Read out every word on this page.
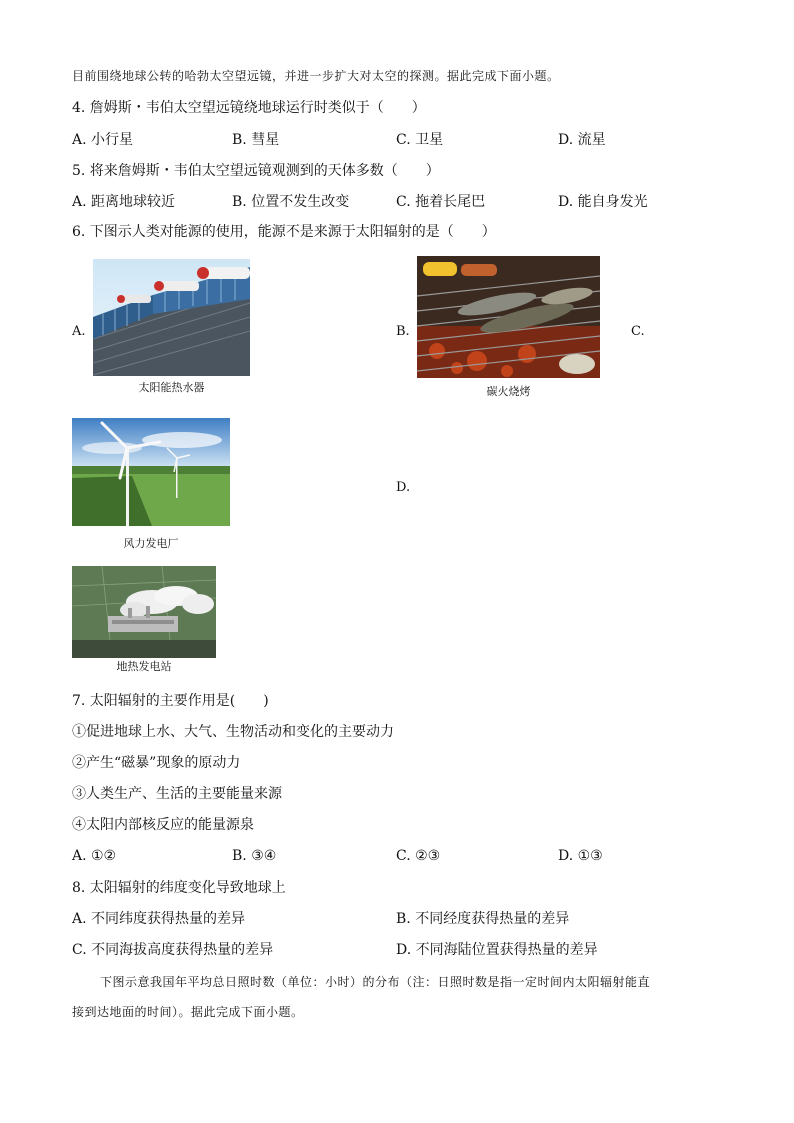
目前围绕地球公转的哈勃太空望远镜，并进一步扩大对太空的探测。据此完成下面小题。
4. 詹姆斯・韦伯太空望远镜绕地球运行时类似于（　　）
A. 小行星	B. 彗星	C. 卫星	D. 流星
5. 将来詹姆斯・韦伯太空望远镜观测到的天体多数（　　）
A. 距离地球较近	B. 位置不发生改变	C. 拖着长尾巴	D. 能自身发光
6. 下图示人类对能源的使用，能源不是来源于太阳辐射的是（　　）
A.
太阳能热水器
B.
碳火烧烤
C.
风力发电厂
D.
地热发电站
7. 太阳辐射的主要作用是(　　)
①促进地球上水、大气、生物活动和变化的主要动力
②产生“磁暴”现象的原动力
③人类生产、生活的主要能量来源
④太阳内部核反应的能量源泉
A. ①②	B. ③④	C. ②③	D. ①③
8. 太阳辐射的纬度变化导致地球上
A. 不同纬度获得热量的差异	B. 不同经度获得热量的差异
C. 不同海拔高度获得热量的差异	D. 不同海陆位置获得热量的差异
下图示意我国年平均总日照时数（单位：小时）的分布（注：日照时数是指一定时间内太阳辐射能直
接到达地面的时间）。据此完成下面小题。
